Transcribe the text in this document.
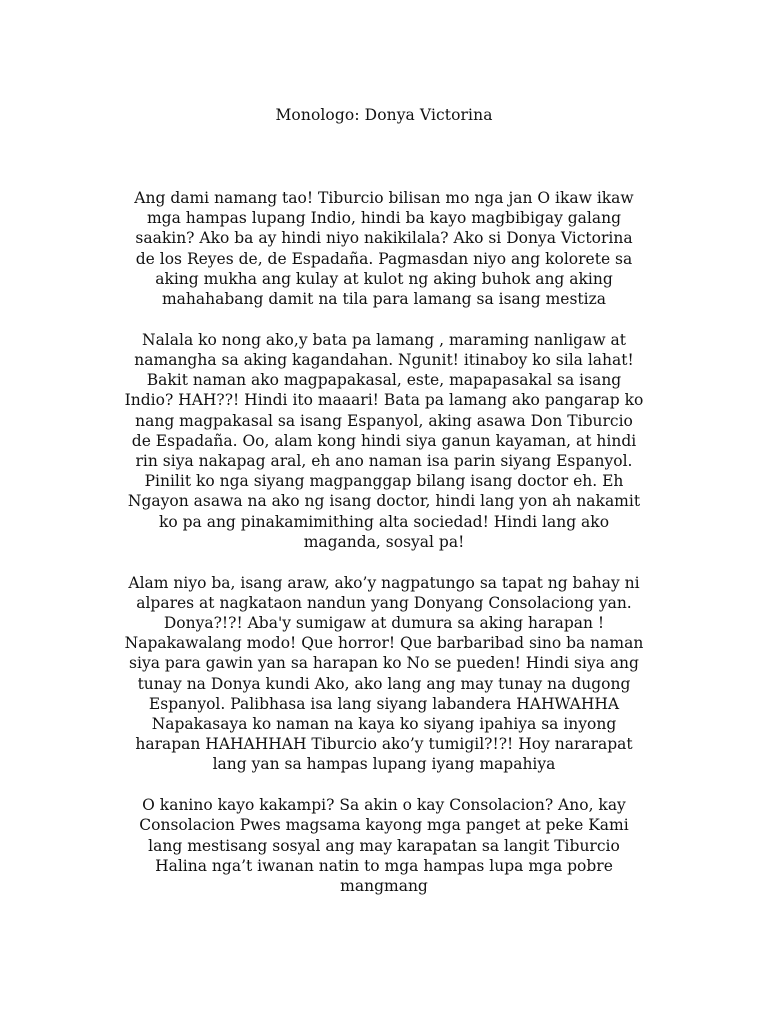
Monologo: Donya Victorina

Ang dami namang tao! Tiburcio bilisan mo nga jan O ikaw ikaw
mga hampas lupang Indio, hindi ba kayo magbibigay galang
saakin? Ako ba ay hindi niyo nakikilala? Ako si Donya Victorina
de los Reyes de, de Espadaña. Pagmasdan niyo ang kolorete sa
aking mukha ang kulay at kulot ng aking buhok ang aking
mahahabang damit na tila para lamang sa isang mestiza

Nalala ko nong ako,y bata pa lamang , maraming nanligaw at
namangha sa aking kagandahan. Ngunit! itinaboy ko sila lahat!
Bakit naman ako magpapakasal, este, mapapasakal sa isang
Indio? HAH??! Hindi ito maaari! Bata pa lamang ako pangarap ko
nang magpakasal sa isang Espanyol, aking asawa Don Tiburcio
de Espadaña. Oo, alam kong hindi siya ganun kayaman, at hindi
rin siya nakapag aral, eh ano naman isa parin siyang Espanyol.
Pinilit ko nga siyang magpanggap bilang isang doctor eh. Eh
Ngayon asawa na ako ng isang doctor, hindi lang yon ah nakamit
ko pa ang pinakamimithing alta sociedad! Hindi lang ako
maganda, sosyal pa!

Alam niyo ba, isang araw, ako’y nagpatungo sa tapat ng bahay ni
alpares at nagkataon nandun yang Donyang Consolaciong yan.
Donya?!?! Aba'y sumigaw at dumura sa aking harapan !
Napakawalang modo! Que horror! Que barbaribad sino ba naman
siya para gawin yan sa harapan ko No se pueden! Hindi siya ang
tunay na Donya kundi Ako, ako lang ang may tunay na dugong
Espanyol. Palibhasa isa lang siyang labandera HAHWAHHA
Napakasaya ko naman na kaya ko siyang ipahiya sa inyong
harapan HAHAHHAH Tiburcio ako’y tumigil?!?! Hoy nararapat
lang yan sa hampas lupang iyang mapahiya

O kanino kayo kakampi? Sa akin o kay Consolacion? Ano, kay
Consolacion Pwes magsama kayong mga panget at peke Kami
lang mestisang sosyal ang may karapatan sa langit Tiburcio
Halina nga’t iwanan natin to mga hampas lupa mga pobre
mangmang
